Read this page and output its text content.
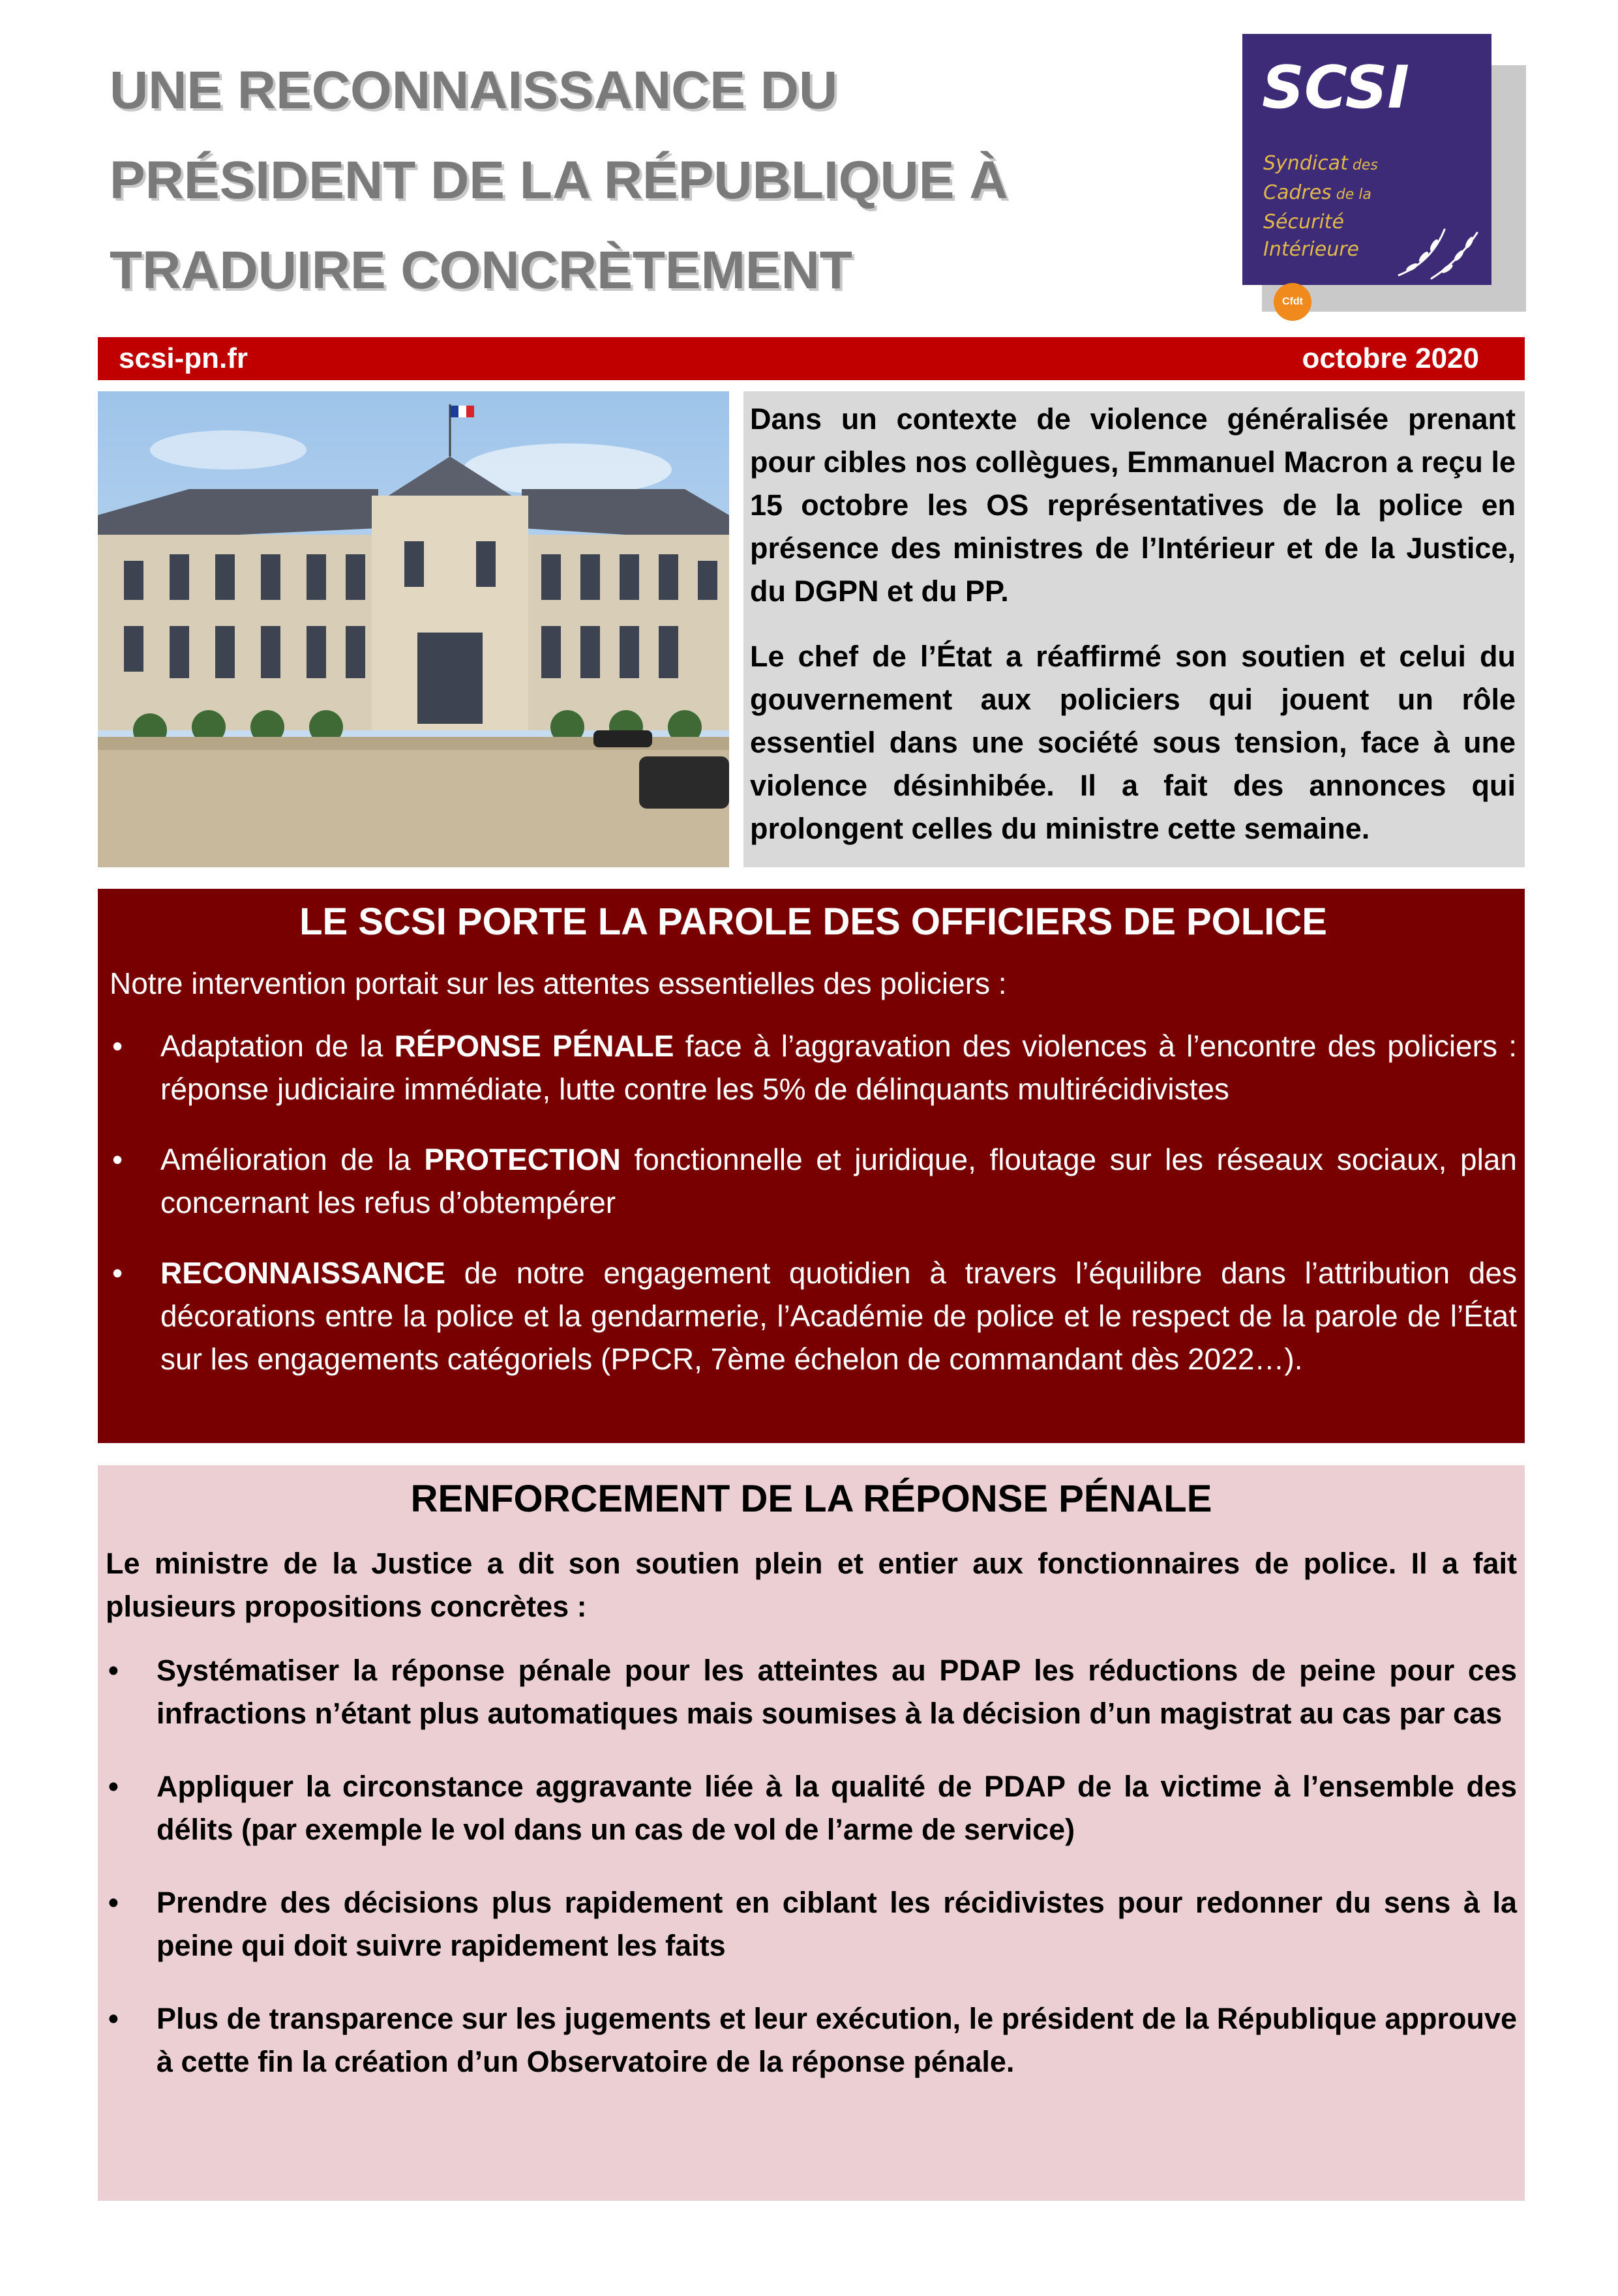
UNE RECONNAISSANCE DU
PRÉSIDENT DE LA RÉPUBLIQUE À
TRADUIRE CONCRÈTEMENT
SCSI
Syndicat des
Cadres de la
Sécurité
Intérieure
Cfdt
scsi-pn.fr	octobre 2020

Dans un contexte de violence généralisée prenant pour cibles nos collègues, Emmanuel Macron a reçu le 15 octobre les OS représentatives de la police en présence des ministres de l’Intérieur et de la Justice, du DGPN et du PP.

Le chef de l’État a réaffirmé son soutien et celui du gouvernement aux policiers qui jouent un rôle essentiel dans une société sous tension, face à une violence désinhibée. Il a fait des annonces qui prolongent celles du ministre cette semaine.

LE SCSI PORTE LA PAROLE DES OFFICIERS DE POLICE

Notre intervention portait sur les attentes essentielles des policiers :

• Adaptation de la RÉPONSE PÉNALE face à l’aggravation des violences à l’encontre des policiers : réponse judiciaire immédiate, lutte contre les 5% de délinquants multirécidivistes
• Amélioration de la PROTECTION fonctionnelle et juridique, floutage sur les réseaux sociaux, plan concernant les refus d’obtempérer
• RECONNAISSANCE de notre engagement quotidien à travers l’équilibre dans l’attribution des décorations entre la police et la gendarmerie, l’Académie de police et le respect de la parole de l’État sur les engagements catégoriels (PPCR, 7ème échelon de commandant dès 2022…).
RENFORCEMENT DE LA RÉPONSE PÉNALE

Le ministre de la Justice a dit son soutien plein et entier aux fonctionnaires de police. Il a fait plusieurs propositions concrètes :

• Systématiser la réponse pénale pour les atteintes au PDAP les réductions de peine pour ces infractions n’étant plus automatiques mais soumises à la décision d’un magistrat au cas par cas
• Appliquer la circonstance aggravante liée à la qualité de PDAP de la victime à l’ensemble des délits (par exemple le vol dans un cas de vol de l’arme de service)
• Prendre des décisions plus rapidement en ciblant les récidivistes pour redonner du sens à la peine qui doit suivre rapidement les faits
• Plus de transparence sur les jugements et leur exécution, le président de la République approuve à cette fin la création d’un Observatoire de la réponse pénale.
